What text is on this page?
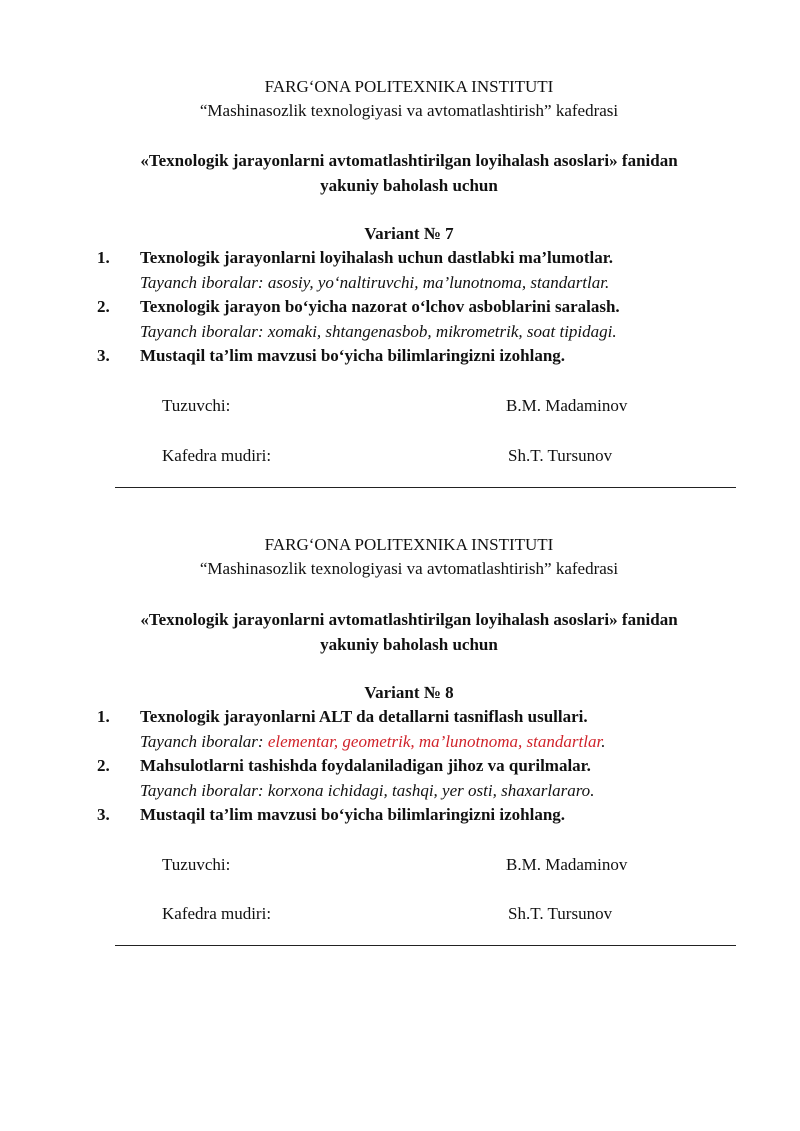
FARG‘ONA POLITEXNIKA INSTITUTI
“Mashinasozlik texnologiyasi va avtomatlashtirish” kafedrasi
«Texnologik jarayonlarni avtomatlashtirilgan loyihalash asoslari» fanidan
yakuniy baholash uchun
Variant № 7
1. Texnologik jarayonlarni loyihalash uchun dastlabki ma’lumotlar.
Tayanch iboralar: asosiy, yo‘naltiruvchi, ma’lunotnoma, standartlar.
2. Texnologik jarayon bo‘yicha nazorat o‘lchov asboblarini saralash.
Tayanch iboralar: xomaki, shtangenasbob, mikrometrik, soat tipidagi.
3. Mustaqil ta’lim mavzusi bo‘yicha bilimlaringizni izohlang.
Tuzuvchi:	B.M. Madaminov
Kafedra mudiri:	Sh.T. Tursunov
FARG‘ONA POLITEXNIKA INSTITUTI
“Mashinasozlik texnologiyasi va avtomatlashtirish” kafedrasi
«Texnologik jarayonlarni avtomatlashtirilgan loyihalash asoslari» fanidan
yakuniy baholash uchun
Variant № 8
1. Texnologik jarayonlarni ALT da detallarni tasniflash usullari.
Tayanch iboralar: elementar, geometrik, ma’lunotnoma, standartlar.
2. Mahsulotlarni tashishda foydalaniladigan jihoz va qurilmalar.
Tayanch iboralar: korxona ichidagi, tashqi, yer osti, shaxarlararo.
3. Mustaqil ta’lim mavzusi bo‘yicha bilimlaringizni izohlang.
Tuzuvchi:	B.M. Madaminov
Kafedra mudiri:	Sh.T. Tursunov
